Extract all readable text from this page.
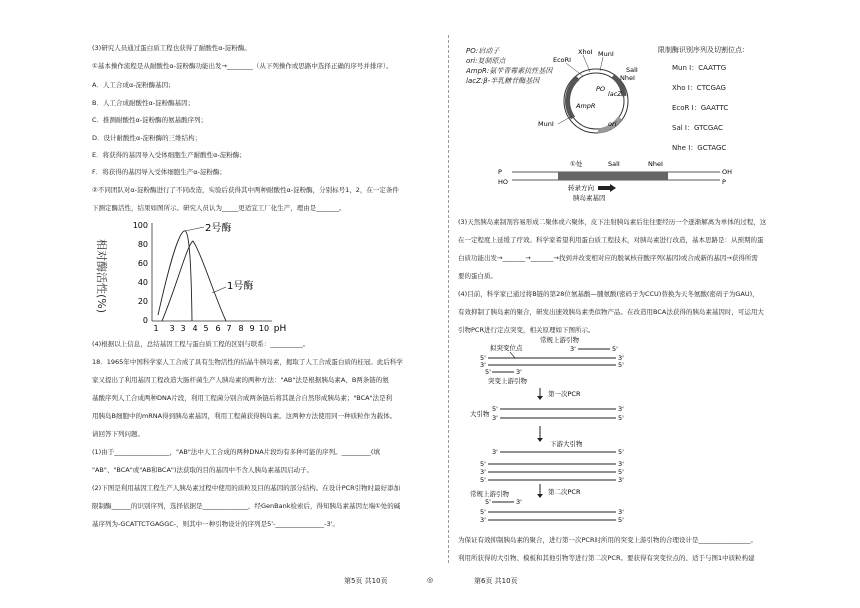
(3)研究人员通过蛋白质工程也获得了耐酸性α-淀粉酶。
①基本操作流程是从耐酸性α-淀粉酶功能出发→________（从下列操作或思路中选择正确的序号并排序）。
A．人工合成α-淀粉酶基因；
B．人工合成耐酸性α-淀粉酶基因；
C．推测耐酸性α-淀粉酶的氨基酸序列；
D．设计耐酸性α-淀粉酶的三维结构；
E．将获得的基因导入受体细胞生产耐酸性α-淀粉酶；
F．将获得的基因导入受体细胞生产α-淀粉酶；
②不同团队对α-淀粉酶进行了不同改造，实验后获得其中两种耐酸性α-淀粉酶，分别标号1、2，在一定条件
下测定酶活性，结果如图所示。研究人员认为_____更适宜工厂化生产，理由是_______。
相对酶活性(%)
100
80
60
40
20
0
1 3 3 4 5 6 7 8 9 10 pH
2号酶
1号酶
(4)根据以上信息，总结基因工程与蛋白质工程的区别与联系：__________。
18．1965年中国科学家人工合成了具有生物活性的结晶牛胰岛素，揭取了人工合成蛋白质的桂冠。此后科学
家又提出了利用基因工程改造大肠杆菌生产人胰岛素的两种方法："AB"法是根据胰岛素A、B两条链的氨
基酸序列人工合成两种DNA片段，利用工程菌分别合成两条链后将其混合自然形成胰岛素；"BCA"法是利
用胰岛B细胞中的mRNA得到胰岛素基因，利用工程菌获得胰岛素。这两种方法使用同一种质粒作为载体。
请回答下列问题。
(1)由于_________________，"AB"法中人工合成的两种DNA片段均有多种可能的序列。_________(填
"AB"、"BCA"或"AB和BCA")法获取的目的基因中不含人胰岛素基因启动子。
(2)下图是利用基因工程生产人胰岛素过程中使用的质粒及目的基因的部分结构。在设计PCR引物时最好添加
限制酶______的识别序列，选择依据是______________，经GenBank检索后，得知胰岛素基因左端①处的碱
基序列为-GCATTCTGAGGC-，则其中一种引物设计的序列是5'-_______________-3'。
PO:启动子
ori:复制原点
AmpR:氨苄青霉素抗性基因
lacZ:β-半乳糖苷酶基因
XhoI MunI
EcoRI
SalI
NheI
MunI
PO
lacZ
AmpR
ori
限制酶识别序列及切割位点：
Mun I：CAATTG
Xho I：CTCGAG
EcoR I：GAATTC
Sal I：GTCGAC
Nhe I：GCTAGC
①处	SalI	NheI
P
HO
OH
P
转录方向
胰岛素基因
(3)天然胰岛素制剂容易形成二聚体或六聚体，皮下注射胰岛素后往往要经历一个逐渐解离为单体的过程，这
在一定程度上延缓了疗效。科学家希望利用蛋白质工程技术，对胰岛素进行改造，基本思路是：从预期的蛋
白质功能出发→_______→_______→找到并改变相对应的脱氧核苷酸序列(基因)或合成新的基因→获得所需
要的蛋白质。
(4)目前，科学家已通过将B链的第28位氨基酸—脯氨酸(密码子为CCU)替换为天冬氨酸(密码子为GAU)，
有效抑制了胰岛素的聚合，研发出速效胰岛素类似物产品。在改造用BCA法获得的胰岛素基因时，可运用大
引物PCR进行定点突变，相关原理如下图所示。
常规上游引物
拟突变位点	3'	5'
5'	3'
3'	5'
5'	3'
突变上游引物
第一次PCR
大引物
5'	3'
3'	5'
下游大引物
3'	5'
5'	3'
3'	5'
5'	3'
常规上游引物
5'	3'
第二次PCR
5'	3'
3'	5'
为保证有效抑制胰岛素的聚合，进行第一次PCR时所用的突变上游引物的合理设计是________________。
利用所获得的大引物、模板和其他引物等进行第二次PCR。要获得有突变位点的、适于与图1中质粒构建
第5页 共10页	◎	第6页 共10页
